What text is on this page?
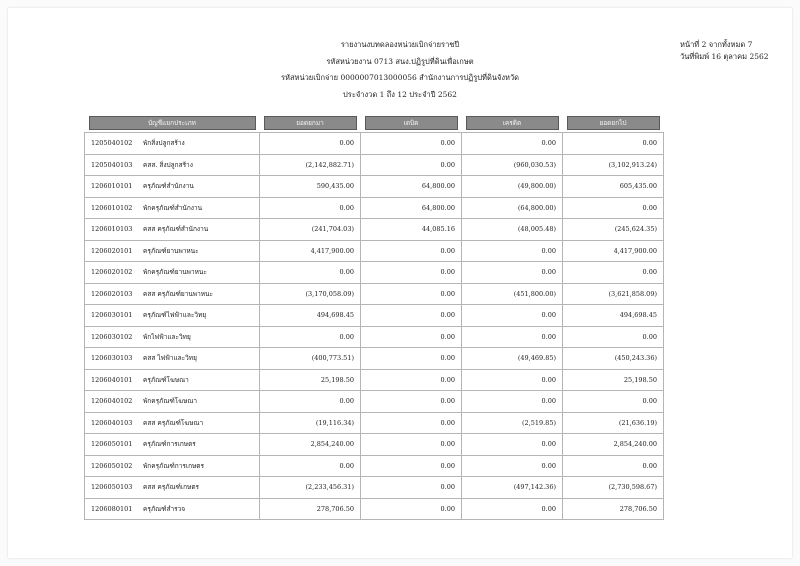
รายงานงบทดลองหน่วยเบิกจ่ายราชปี
รหัสหน่วยงาน 0713 สนง.ปฏิรูปที่ดินเพื่อเกษต
รหัสหน่วยเบิกจ่าย 0000007013000056 สำนักงานการปฏิรูปที่ดินจังหวัด
ประจำงวด 1 ถึง 12 ประจำปี 2562
หน้าที่ 2 จากทั้งหมด 7
วันที่พิมพ์ 16 ตุลาคม 2562
บัญชีแยกประเภท		ยอดยกมา	เดบิต	เครดิต	ยอดยกไป

1205040102	พักสิ่งปลูกสร้าง	0.00	0.00	0.00	0.00
1205040103	คสส. สิ่งปลูกสร้าง	(2,142,882.71)	0.00	(960,030.53)	(3,102,913.24)
1206010101	ครุภัณฑ์สำนักงาน	590,435.00	64,800.00	(49,800.00)	605,435.00
1206010102	พักครุภัณฑ์สำนักงาน	0.00	64,800.00	(64,800.00)	0.00
1206010103	คสส ครุภัณฑ์สำนักงาน	(241,704.03)	44,085.16	(48,005.48)	(245,624.35)
1206020101	ครุภัณฑ์ยานพาหนะ	4,417,900.00	0.00	0.00	4,417,900.00
1206020102	พักครุภัณฑ์ยานพาหนะ	0.00	0.00	0.00	0.00
1206020103	คสส ครุภัณฑ์ยานพาหนะ	(3,170,058.09)	0.00	(451,800.00)	(3,621,858.09)
1206030101	ครุภัณฑ์ไฟฟ้าและวิทยุ	494,698.45	0.00	0.00	494,698.45
1206030102	พักไฟฟ้าและวิทยุ	0.00	0.00	0.00	0.00
1206030103	คสส ไฟฟ้าและวิทยุ	(400,773.51)	0.00	(49,469.85)	(450,243.36)
1206040101	ครุภัณฑ์โฆษณา	25,198.50	0.00	0.00	25,198.50
1206040102	พักครุภัณฑ์โฆษณา	0.00	0.00	0.00	0.00
1206040103	คสส ครุภัณฑ์โฆษณา	(19,116.34)	0.00	(2,519.85)	(21,636.19)
1206050101	ครุภัณฑ์การเกษตร	2,854,240.00	0.00	0.00	2,854,240.00
1206050102	พักครุภัณฑ์การเกษตร	0.00	0.00	0.00	0.00
1206050103	คสส ครุภัณฑ์เกษตร	(2,233,456.31)	0.00	(497,142.36)	(2,730,598.67)
1206080101	ครุภัณฑ์สำรวจ	278,706.50	0.00	0.00	278,706.50
